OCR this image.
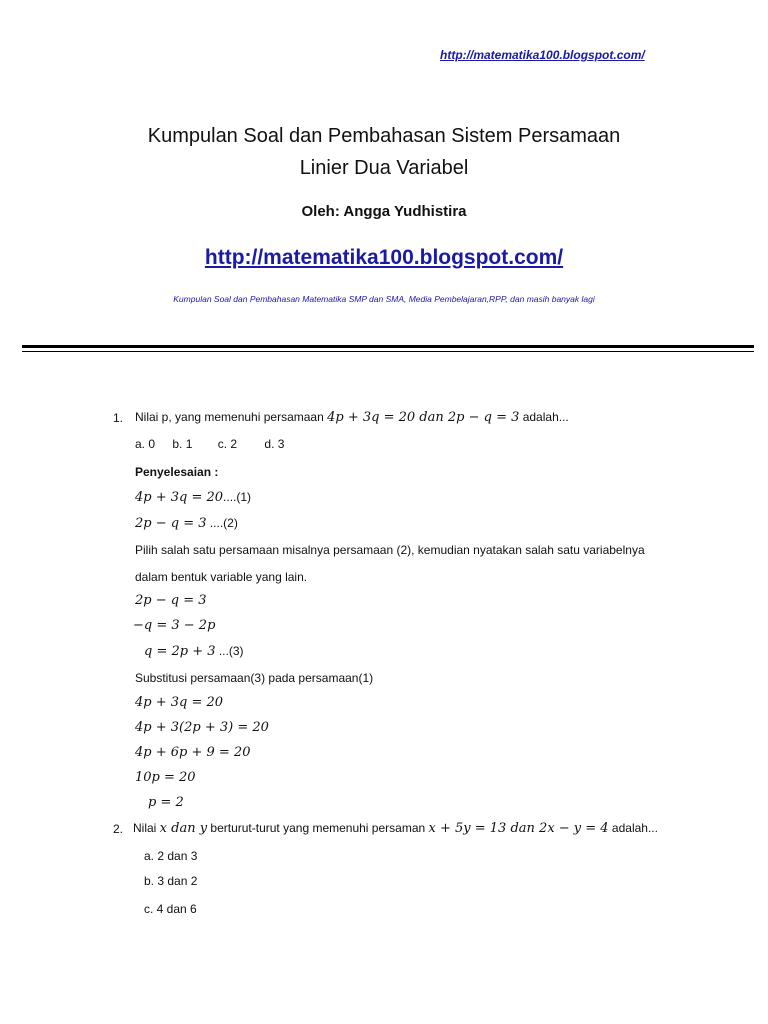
http://matematika100.blogspot.com/
Kumpulan Soal dan Pembahasan Sistem Persamaan
Linier Dua Variabel
Oleh: Angga Yudhistira
http://matematika100.blogspot.com/
Kumpulan Soal dan Pembahasan Matematika SMP dan SMA, Media Pembelajaran,RPP, dan masih banyak lagi
1. Nilai p, yang memenuhi persamaan 4p + 3q = 20 dan 2p − q = 3 adalah...
a. 0 b. 1 c. 2 d. 3
Penyelesaian :
4p + 3q = 20....(1)
2p − q = 3 ....(2)
Pilih salah satu persamaan misalnya persamaan (2), kemudian nyatakan salah satu variabelnya
dalam bentuk variable yang lain.
2p − q = 3
−q = 3 − 2p
q = 2p + 3 ...(3)
Substitusi persamaan(3) pada persamaan(1)
4p + 3q = 20
4p + 3(2p + 3) = 20
4p + 6p + 9 = 20
10p = 20
p = 2
2. Nilai x dan y berturut-turut yang memenuhi persaman x + 5y = 13 dan 2x − y = 4 adalah...
a. 2 dan 3
b. 3 dan 2
c. 4 dan 6
